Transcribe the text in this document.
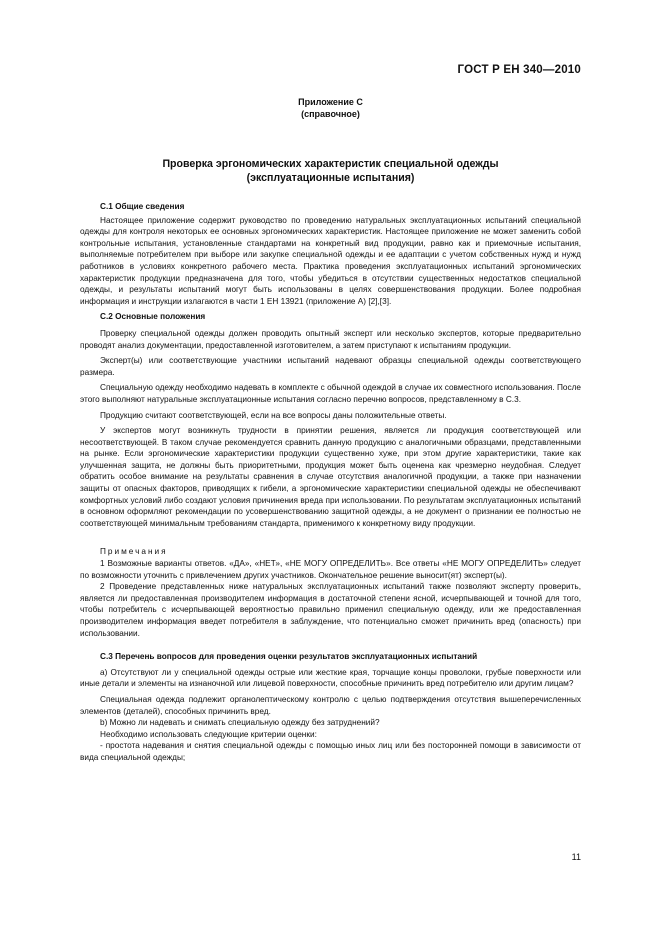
ГОСТ Р ЕН 340—2010
Приложение С
(справочное)
Проверка эргономических характеристик специальной одежды
(эксплуатационные испытания)

С.1 Общие сведения

Настоящее приложение содержит руководство по проведению натуральных эксплуатационных испытаний специальной одежды для контроля некоторых ее основных эргономических характеристик. Настоящее приложение не может заменить собой контрольные испытания, установленные стандартами на конкретный вид продукции, равно как и приемочные испытания, выполняемые потребителем при выборе или закупке специальной одежды и ее адаптации с учетом собственных нужд и нужд работников в условиях конкретного рабочего места. Практика проведения эксплуатационных испытаний эргономических характеристик продукции предназначена для того, чтобы убедиться в отсутствии существенных недостатков специальной одежды, и результаты испытаний могут быть использованы в целях совершенствования продукции. Более подробная информация и инструкции излагаются в части 1 ЕН 13921 (приложение А) [2],[3].

С.2 Основные положения

Проверку специальной одежды должен проводить опытный эксперт или несколько экспертов, которые предварительно проводят анализ документации, предоставленной изготовителем, а затем приступают к испытаниям продукции.

Эксперт(ы) или соответствующие участники испытаний надевают образцы специальной одежды соответствующего размера.

Специальную одежду необходимо надевать в комплекте с обычной одеждой в случае их совместного использования. После этого выполняют натуральные эксплуатационные испытания согласно перечню вопросов, представленному в С.3.

Продукцию считают соответствующей, если на все вопросы даны положительные ответы.

У экспертов могут возникнуть трудности в принятии решения, является ли продукция соответствующей или несоответствующей. В таком случае рекомендуется сравнить данную продукцию с аналогичными образцами, представленными на рынке. Если эргономические характеристики продукции существенно хуже, при этом другие характеристики, такие как улучшенная защита, не должны быть приоритетными, продукция может быть оценена как чрезмерно неудобная. Следует обратить особое внимание на результаты сравнения в случае отсутствия аналогичной продукции, а также при назначении защиты от опасных факторов, приводящих к гибели, а эргономические характеристики специальной одежды не обеспечивают комфортных условий либо создают условия причинения вреда при использовании. По результатам эксплуатационных испытаний в основном оформляют рекомендации по усовершенствованию защитной одежды, а не документ о признании ее полностью не соответствующей минимальным требованиям стандарта, применимого к конкретному виду продукции.

Примечания

1 Возможные варианты ответов. «ДА», «НЕТ», «НЕ МОГУ ОПРЕДЕЛИТЬ». Все ответы «НЕ МОГУ ОПРЕДЕЛИТЬ» следует по возможности уточнить с привлечением других участников. Окончательное решение выносит(ят) эксперт(ы).

2 Проведение представленных ниже натуральных эксплуатационных испытаний также позволяют эксперту проверить, является ли предоставленная производителем информация в достаточной степени ясной, исчерпывающей и точной для того, чтобы потребитель с исчерпывающей вероятностью правильно применил специальную одежду, или же предоставленная производителем информация введет потребителя в заблуждение, что потенциально сможет причинить вред (опасность) при использовании.

С.3 Перечень вопросов для проведения оценки результатов эксплуатационных испытаний

а) Отсутствуют ли у специальной одежды острые или жесткие края, торчащие концы проволоки, грубые поверхности или иные детали и элементы на изнаночной или лицевой поверхности, способные причинить вред потребителю или другим лицам?

Специальная одежда подлежит органолептическому контролю с целью подтверждения отсутствия вышеперечисленных элементов (деталей), способных причинить вред.

b) Можно ли надевать и снимать специальную одежду без затруднений?

Необходимо использовать следующие критерии оценки:

- простота надевания и снятия специальной одежды с помощью иных лиц или без посторонней помощи в зависимости от вида специальной одежды;

11
